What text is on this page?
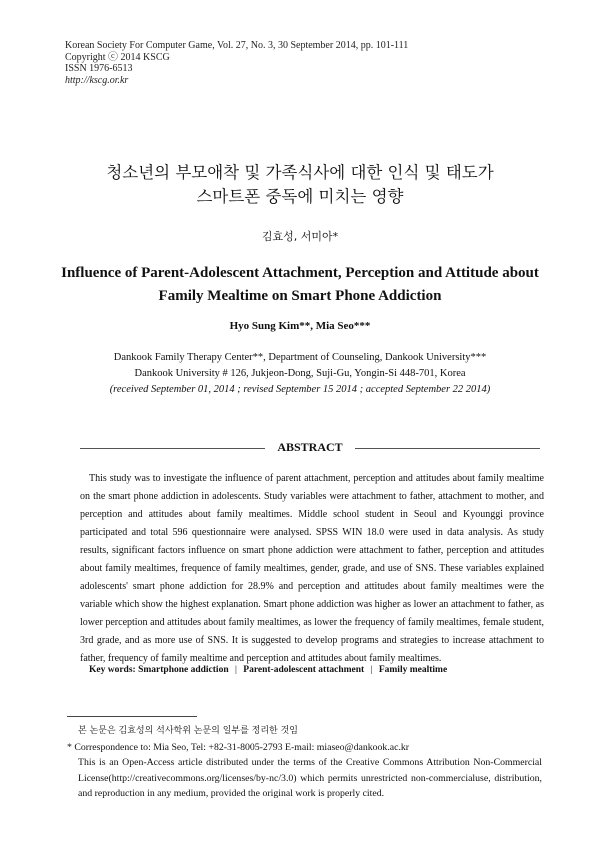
Korean Society For Computer Game, Vol. 27, No. 3, 30 September 2014, pp. 101-111
Copyright ⓒ 2014 KSCG
ISSN 1976-6513
http://kscg.or.kr
청소년의 부모애착 및 가족식사에 대한 인식 및 태도가
스마트폰 중독에 미치는 영향
김효성, 서미아*
Influence of Parent-Adolescent Attachment, Perception and Attitude about
Family Mealtime on Smart Phone Addiction
Hyo Sung Kim**, Mia Seo***
Dankook Family Therapy Center**, Department of Counseling, Dankook University***
Dankook University # 126, Jukjeon-Dong, Suji-Gu, Yongin-Si 448-701, Korea
(received September 01, 2014 ; revised September 15 2014 ; accepted September 22 2014)
ABSTRACT
This study was to investigate the influence of parent attachment, perception and attitudes about family mealtime on the smart phone addiction in adolescents. Study variables were attachment to father, attachment to mother, and perception and attitudes about family mealtimes. Middle school student in Seoul and Kyounggi province participated and total 596 questionnaire were analysed. SPSS WIN 18.0 were used in data analysis. As study results, significant factors influence on smart phone addiction were attachment to father, perception and attitudes about family mealtimes, frequence of family mealtimes, gender, grade, and use of SNS. These variables explained adolescents' smart phone addiction for 28.9% and perception and attitudes about family mealtimes were the variable which show the highest explanation. Smart phone addiction was higher as lower an attachment to father, as lower perception and attitudes about family mealtimes, as lower the frequency of family mealtimes, female student, 3rd grade, and as more use of SNS. It is suggested to develop programs and strategies to increase attachment to father, frequency of family mealtime and perception and attitudes about family mealtimes.
Key words: Smartphone addiction | Parent-adolescent attachment | Family mealtime
본 논문은 김효성의 석사학위 논문의 일부를 정리한 것임
* Correspondence to: Mia Seo, Tel: +82-31-8005-2793 E-mail: miaseo@dankook.ac.kr
This is an Open-Access article distributed under the terms of the Creative Commons Attribution Non-Commercial License(http://creativecommons.org/licenses/by-nc/3.0) which permits unrestricted non-commercialuse, distribution, and reproduction in any medium, provided the original work is properly cited.
